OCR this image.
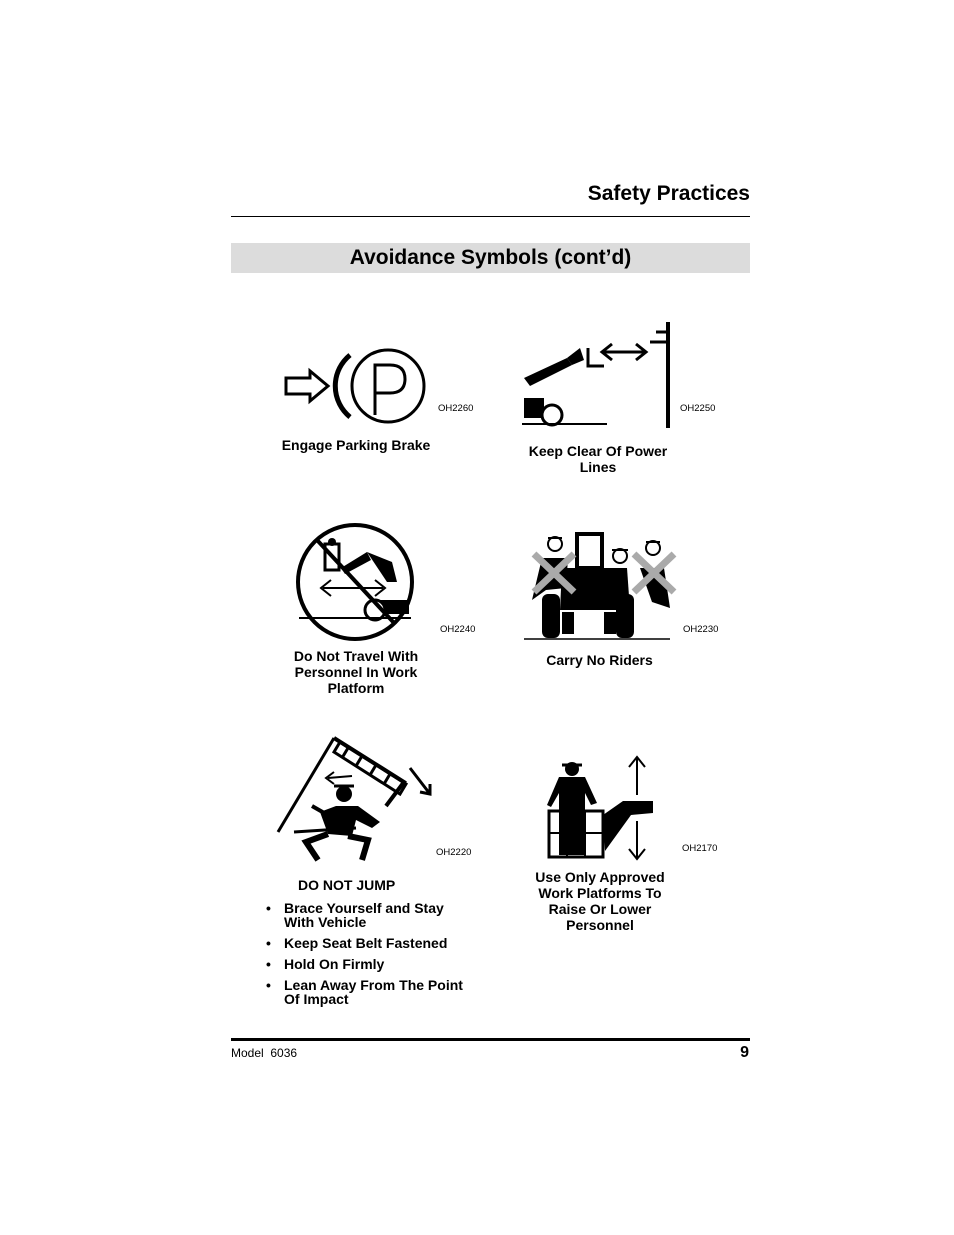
Safety Practices
Avoidance Symbols (cont’d)
OH2260
Engage Parking Brake
OH2250
Keep Clear Of Power Lines
OH2240
Do Not Travel With Personnel In Work Platform
OH2230
Carry No Riders
OH2220
DO NOT JUMP
• Brace Yourself and Stay With Vehicle
• Keep Seat Belt Fastened
• Hold On Firmly
• Lean Away From The Point Of Impact
OH2170
Use Only Approved Work Platforms To Raise Or Lower Personnel
Model  6036	9
